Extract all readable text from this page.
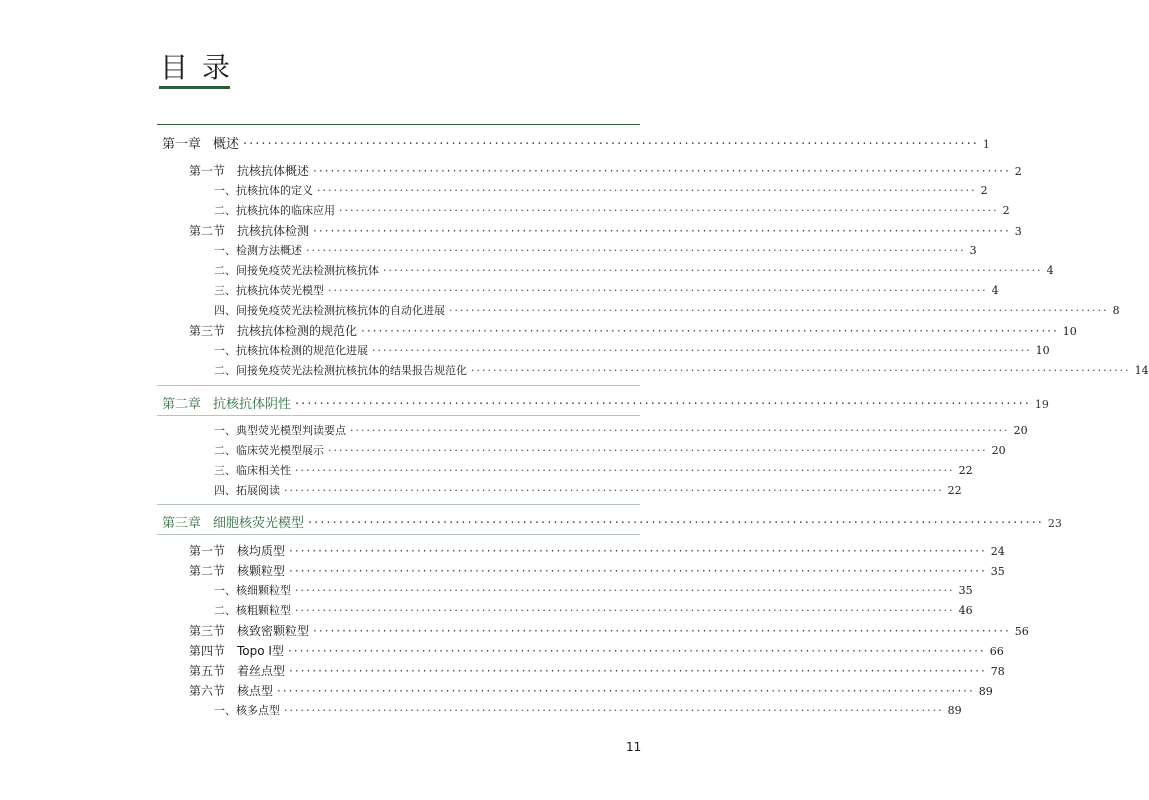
目录
第一章 概述 ························································································································ 1
第一节 抗核抗体概述 ························································································································ 2
一、抗核抗体的定义 ························································································································ 2
二、抗核抗体的临床应用 ························································································································ 2
第二节 抗核抗体检测 ························································································································ 3
一、检测方法概述 ························································································································ 3
二、间接免疫荧光法检测抗核抗体 ························································································································ 4
三、抗核抗体荧光模型 ························································································································ 4
四、间接免疫荧光法检测抗核抗体的自动化进展 ························································································································ 8
第三节 抗核抗体检测的规范化 ························································································································ 10
一、抗核抗体检测的规范化进展 ························································································································ 10
二、间接免疫荧光法检测抗核抗体的结果报告规范化 ························································································································ 14
第二章 抗核抗体阴性 ························································································································ 19
一、典型荧光模型判读要点 ························································································································ 20
二、临床荧光模型展示 ························································································································ 20
三、临床相关性 ························································································································ 22
四、拓展阅读 ························································································································ 22
第三章 细胞核荧光模型 ························································································································ 23
第一节 核均质型 ························································································································ 24
第二节 核颗粒型 ························································································································ 35
一、核细颗粒型 ························································································································ 35
二、核粗颗粒型 ························································································································ 46
第三节 核致密颗粒型 ························································································································ 56
第四节 Topo Ⅰ型 ························································································································ 66
第五节 着丝点型 ························································································································ 78
第六节 核点型 ························································································································ 89
一、核多点型 ························································································································ 89
11
